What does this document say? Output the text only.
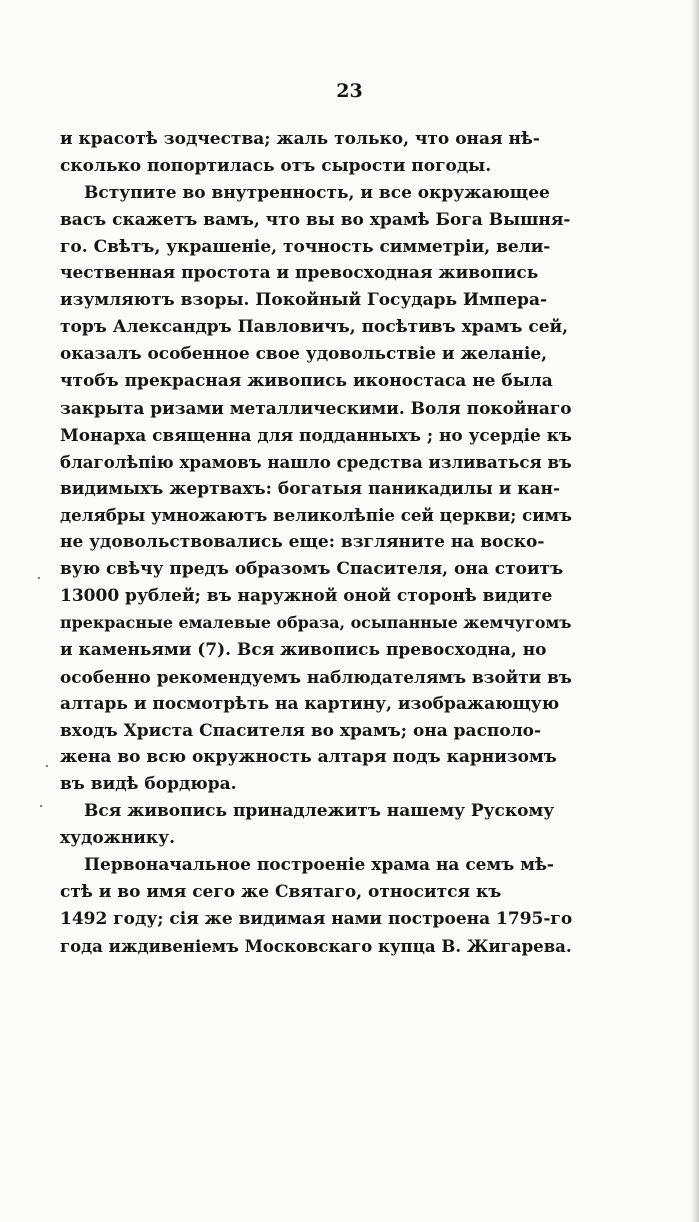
23
и красотѣ зодчества; жаль только, что оная нѣ-
сколько попортилась отъ сырости погоды.
Вступите во внутренность, и все окружающее
васъ скажетъ вамъ, что вы во храмѣ Бога Вышня-
го. Свѣтъ, украшеніе, точность симметріи, вели-
чественная простота и превосходная живопись
изумляютъ взоры. Покойный Государь Импера-
торъ Александръ Павловичъ, посѣтивъ храмъ сей,
оказалъ особенное свое удовольствіе и желаніе,
чтобъ прекрасная живопись иконостаса не была
закрыта ризами металлическими. Воля покойнаго
Монарха священна для подданныхъ ; но усердіе къ
благолѣпію храмовъ нашло средства изливаться въ
видимыхъ жертвахъ: богатыя паникадилы и кан-
делябры умножаютъ великолѣпіе сей церкви; симъ
не удовольствовались еще: взгляните на воско-
вую свѣчу предъ образомъ Спасителя, она стоитъ
13000 рублей; въ наружной оной сторонѣ видите
прекрасные емалевые образа, осыпанные жемчугомъ
и каменьями (7). Вся живопись превосходна, но
особенно рекомендуемъ наблюдателямъ взойти въ
алтарь и посмотрѣть на картину, изображающую
входъ Христа Спасителя во храмъ; она располо-
жена во всю окружность алтаря подъ карнизомъ
въ видѣ бордюра.
Вся живопись принадлежитъ нашему Рускому
художнику.
Первоначальное построеніе храма на семъ мѣ-
стѣ и во имя сего же Святаго, относится къ
1492 году; сія же видимая нами построена 1795-го
года иждивеніемъ Московскаго купца В. Жигарева.
